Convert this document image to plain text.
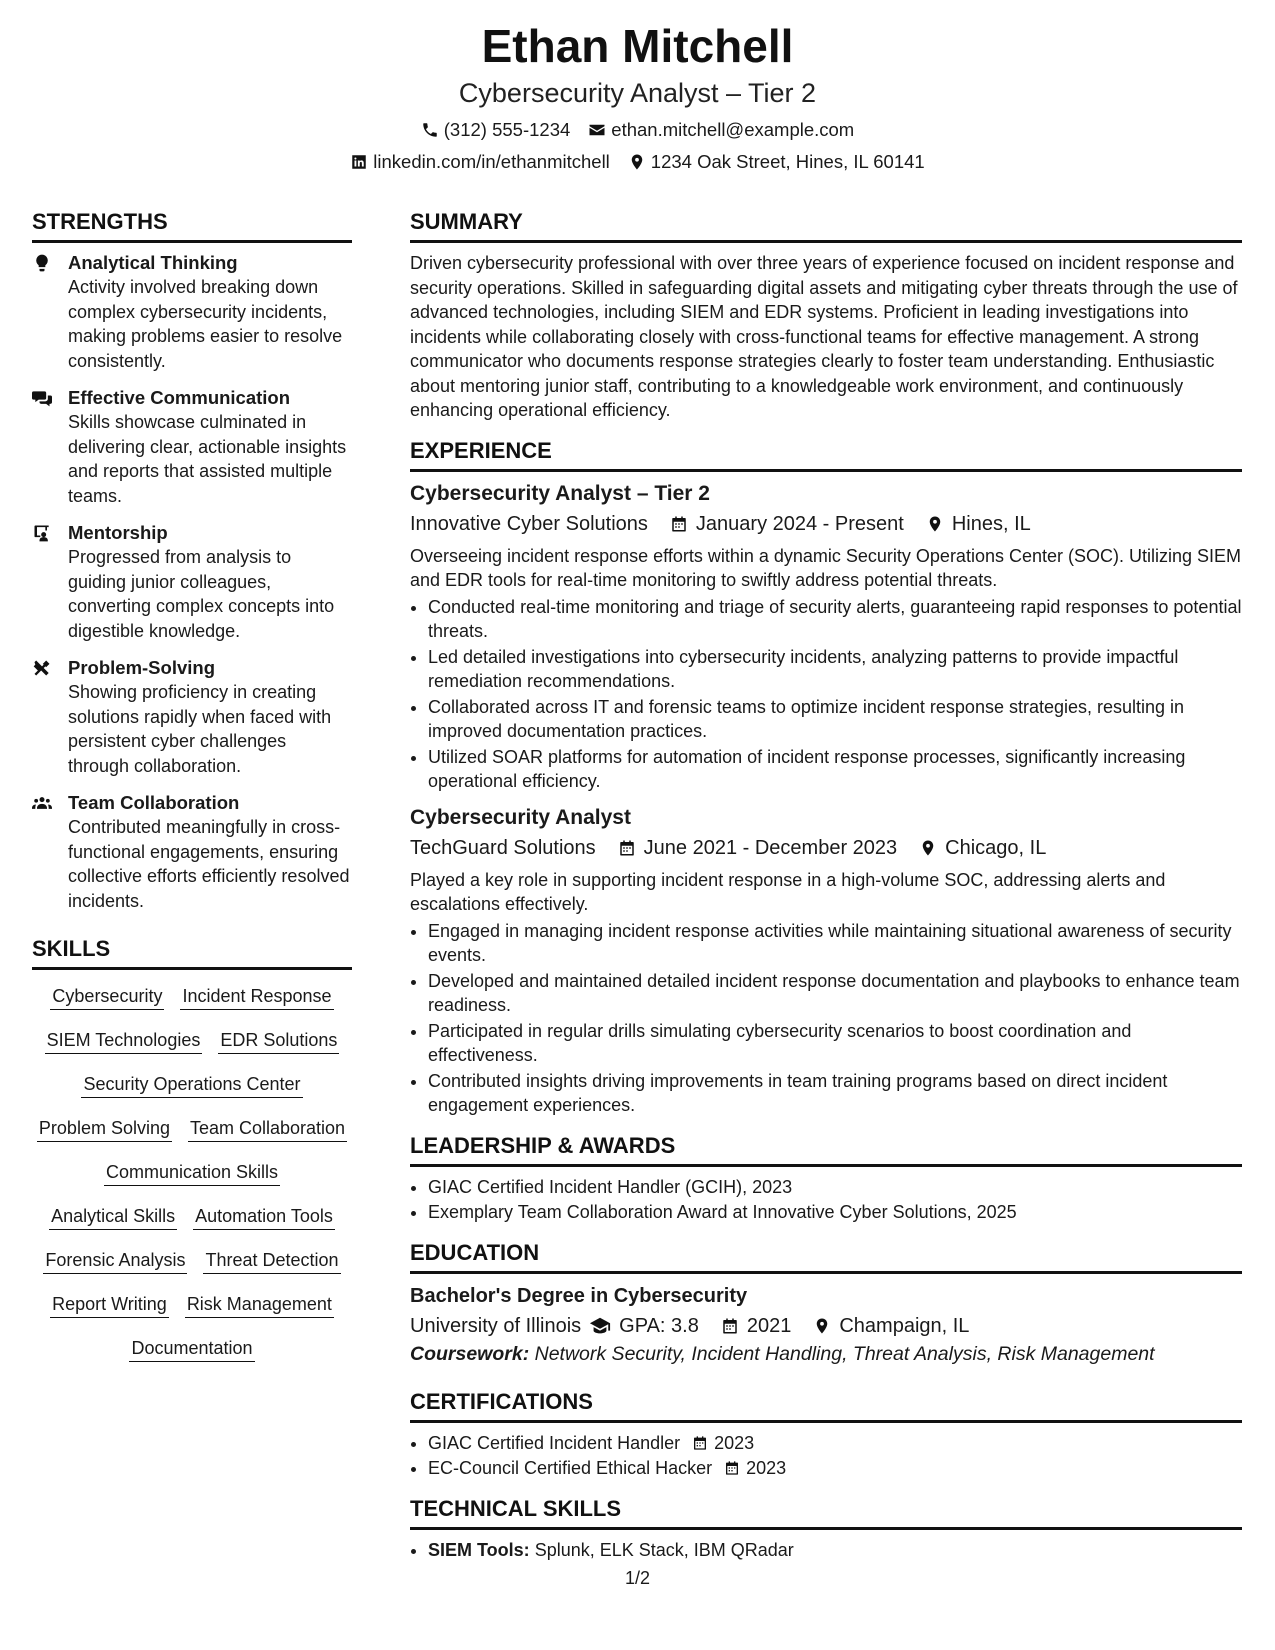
Ethan Mitchell
Cybersecurity Analyst – Tier 2
(312) 555-1234 ethan.mitchell@example.com
linkedin.com/in/ethanmitchell 1234 Oak Street, Hines, IL 60141
STRENGTHS
Analytical Thinking
Activity involved breaking down complex cybersecurity incidents, making problems easier to resolve consistently.
Effective Communication
Skills showcase culminated in delivering clear, actionable insights and reports that assisted multiple teams.
Mentorship
Progressed from analysis to guiding junior colleagues, converting complex concepts into digestible knowledge.
Problem-Solving
Showing proficiency in creating solutions rapidly when faced with persistent cyber challenges through collaboration.
Team Collaboration
Contributed meaningfully in cross-functional engagements, ensuring collective efforts efficiently resolved incidents.
SKILLS
Cybersecurity Incident Response
SIEM Technologies EDR Solutions
Security Operations Center
Problem Solving Team Collaboration
Communication Skills
Analytical Skills Automation Tools
Forensic Analysis Threat Detection
Report Writing Risk Management
Documentation
SUMMARY
Driven cybersecurity professional with over three years of experience focused on incident response and security operations. Skilled in safeguarding digital assets and mitigating cyber threats through the use of advanced technologies, including SIEM and EDR systems. Proficient in leading investigations into incidents while collaborating closely with cross-functional teams for effective management. A strong communicator who documents response strategies clearly to foster team understanding. Enthusiastic about mentoring junior staff, contributing to a knowledgeable work environment, and continuously enhancing operational efficiency.
EXPERIENCE
Cybersecurity Analyst – Tier 2
Innovative Cyber Solutions January 2024 - Present Hines, IL
Overseeing incident response efforts within a dynamic Security Operations Center (SOC). Utilizing SIEM and EDR tools for real-time monitoring to swiftly address potential threats.
• Conducted real-time monitoring and triage of security alerts, guaranteeing rapid responses to potential threats.
• Led detailed investigations into cybersecurity incidents, analyzing patterns to provide impactful remediation recommendations.
• Collaborated across IT and forensic teams to optimize incident response strategies, resulting in improved documentation practices.
• Utilized SOAR platforms for automation of incident response processes, significantly increasing operational efficiency.
Cybersecurity Analyst
TechGuard Solutions June 2021 - December 2023 Chicago, IL
Played a key role in supporting incident response in a high-volume SOC, addressing alerts and escalations effectively.
• Engaged in managing incident response activities while maintaining situational awareness of security events.
• Developed and maintained detailed incident response documentation and playbooks to enhance team readiness.
• Participated in regular drills simulating cybersecurity scenarios to boost coordination and effectiveness.
• Contributed insights driving improvements in team training programs based on direct incident engagement experiences.
LEADERSHIP & AWARDS
• GIAC Certified Incident Handler (GCIH), 2023
• Exemplary Team Collaboration Award at Innovative Cyber Solutions, 2025
EDUCATION
Bachelor's Degree in Cybersecurity
University of Illinois GPA: 3.8 2021 Champaign, IL
Coursework: Network Security, Incident Handling, Threat Analysis, Risk Management
CERTIFICATIONS
• GIAC Certified Incident Handler 2023
• EC-Council Certified Ethical Hacker 2023
TECHNICAL SKILLS
• SIEM Tools: Splunk, ELK Stack, IBM QRadar
1/2
